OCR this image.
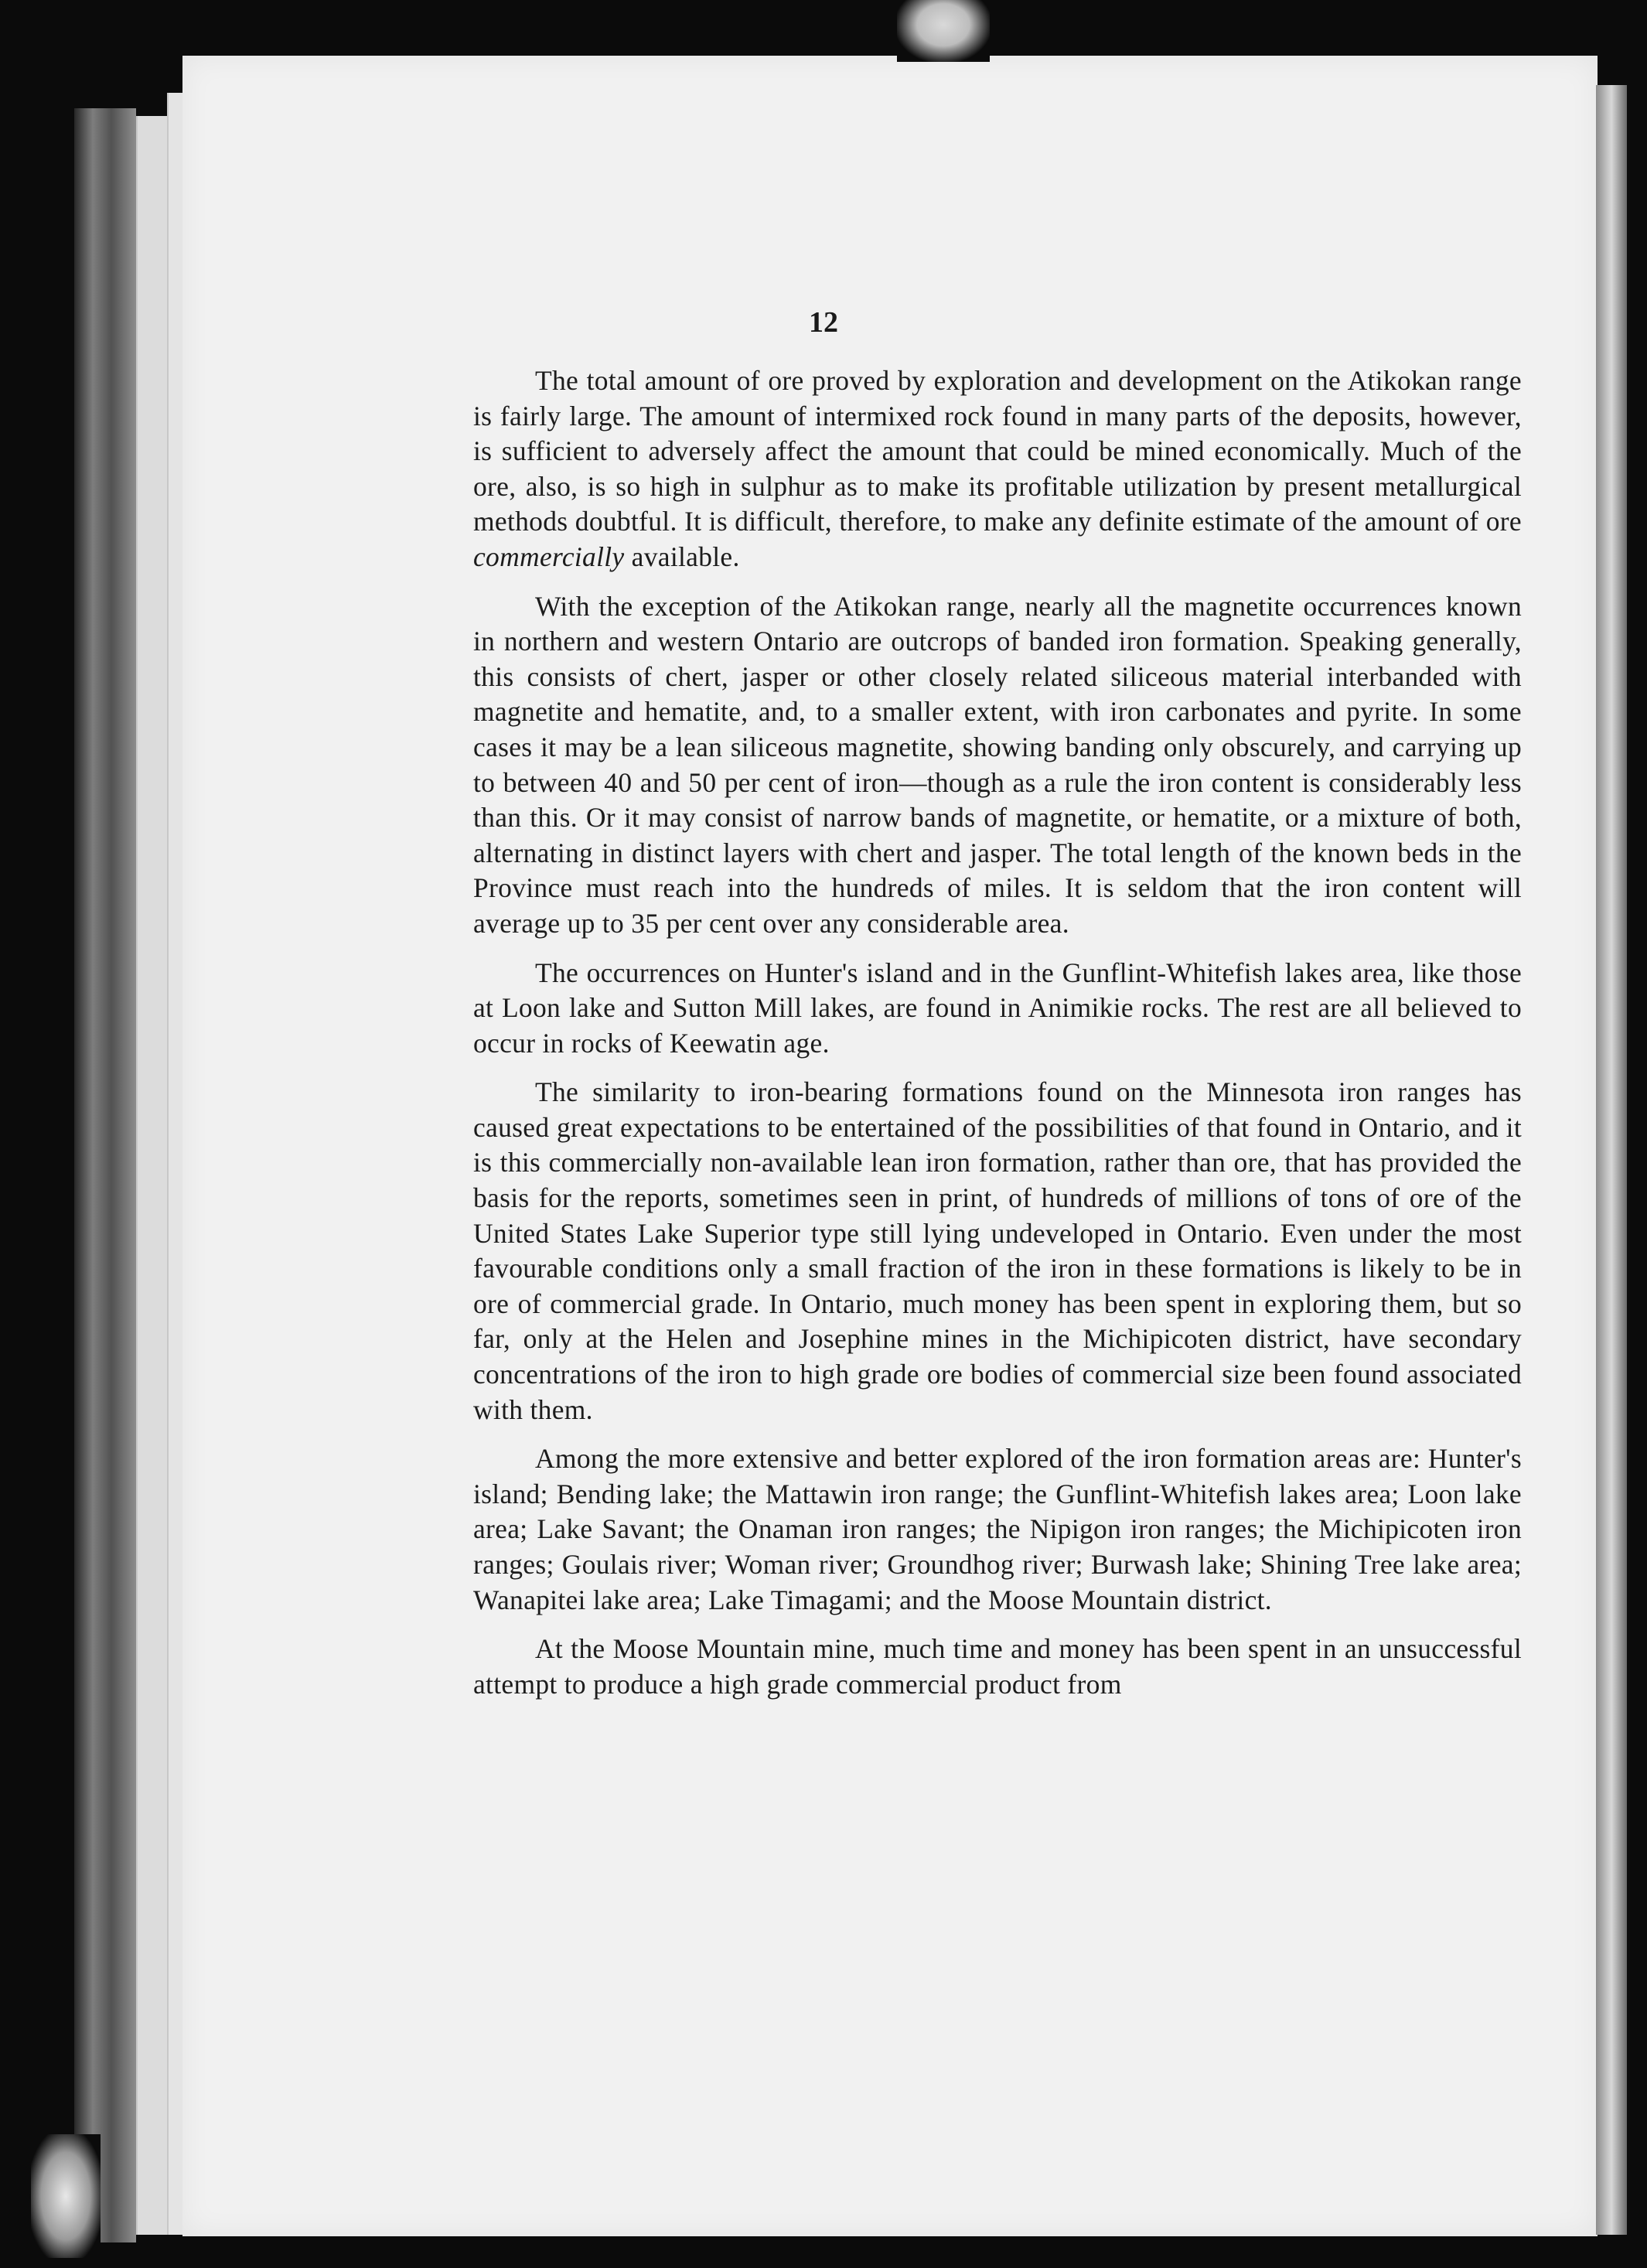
12

The total amount of ore proved by exploration and development on the Atikokan range is fairly large. The amount of intermixed rock found in many parts of the deposits, however, is sufficient to adversely affect the amount that could be mined economically. Much of the ore, also, is so high in sulphur as to make its profitable utilization by present metallurgical methods doubtful. It is difficult, therefore, to make any definite estimate of the amount of ore commercially available.

With the exception of the Atikokan range, nearly all the magnetite occurrences known in northern and western Ontario are outcrops of banded iron formation. Speaking generally, this consists of chert, jasper or other closely related siliceous material interbanded with magnetite and hematite, and, to a smaller extent, with iron carbonates and pyrite. In some cases it may be a lean siliceous magnetite, showing banding only obscurely, and carrying up to between 40 and 50 per cent of iron—though as a rule the iron content is considerably less than this. Or it may consist of narrow bands of magnetite, or hematite, or a mixture of both, alternating in distinct layers with chert and jasper. The total length of the known beds in the Province must reach into the hundreds of miles. It is seldom that the iron content will average up to 35 per cent over any considerable area.

The occurrences on Hunter's island and in the Gunflint-Whitefish lakes area, like those at Loon lake and Sutton Mill lakes, are found in Animikie rocks. The rest are all believed to occur in rocks of Keewatin age.

The similarity to iron-bearing formations found on the Minnesota iron ranges has caused great expectations to be entertained of the possibilities of that found in Ontario, and it is this commercially non-available lean iron formation, rather than ore, that has provided the basis for the reports, sometimes seen in print, of hundreds of millions of tons of ore of the United States Lake Superior type still lying undeveloped in Ontario. Even under the most favourable conditions only a small fraction of the iron in these formations is likely to be in ore of commercial grade. In Ontario, much money has been spent in exploring them, but so far, only at the Helen and Josephine mines in the Michipicoten district, have secondary concentrations of the iron to high grade ore bodies of commercial size been found associated with them.

Among the more extensive and better explored of the iron formation areas are: Hunter's island; Bending lake; the Mattawin iron range; the Gunflint-Whitefish lakes area; Loon lake area; Lake Savant; the Onaman iron ranges; the Nipigon iron ranges; the Michipicoten iron ranges; Goulais river; Woman river; Groundhog river; Burwash lake; Shining Tree lake area; Wanapitei lake area; Lake Timagami; and the Moose Mountain district.

At the Moose Mountain mine, much time and money has been spent in an unsuccessful attempt to produce a high grade commercial product from
